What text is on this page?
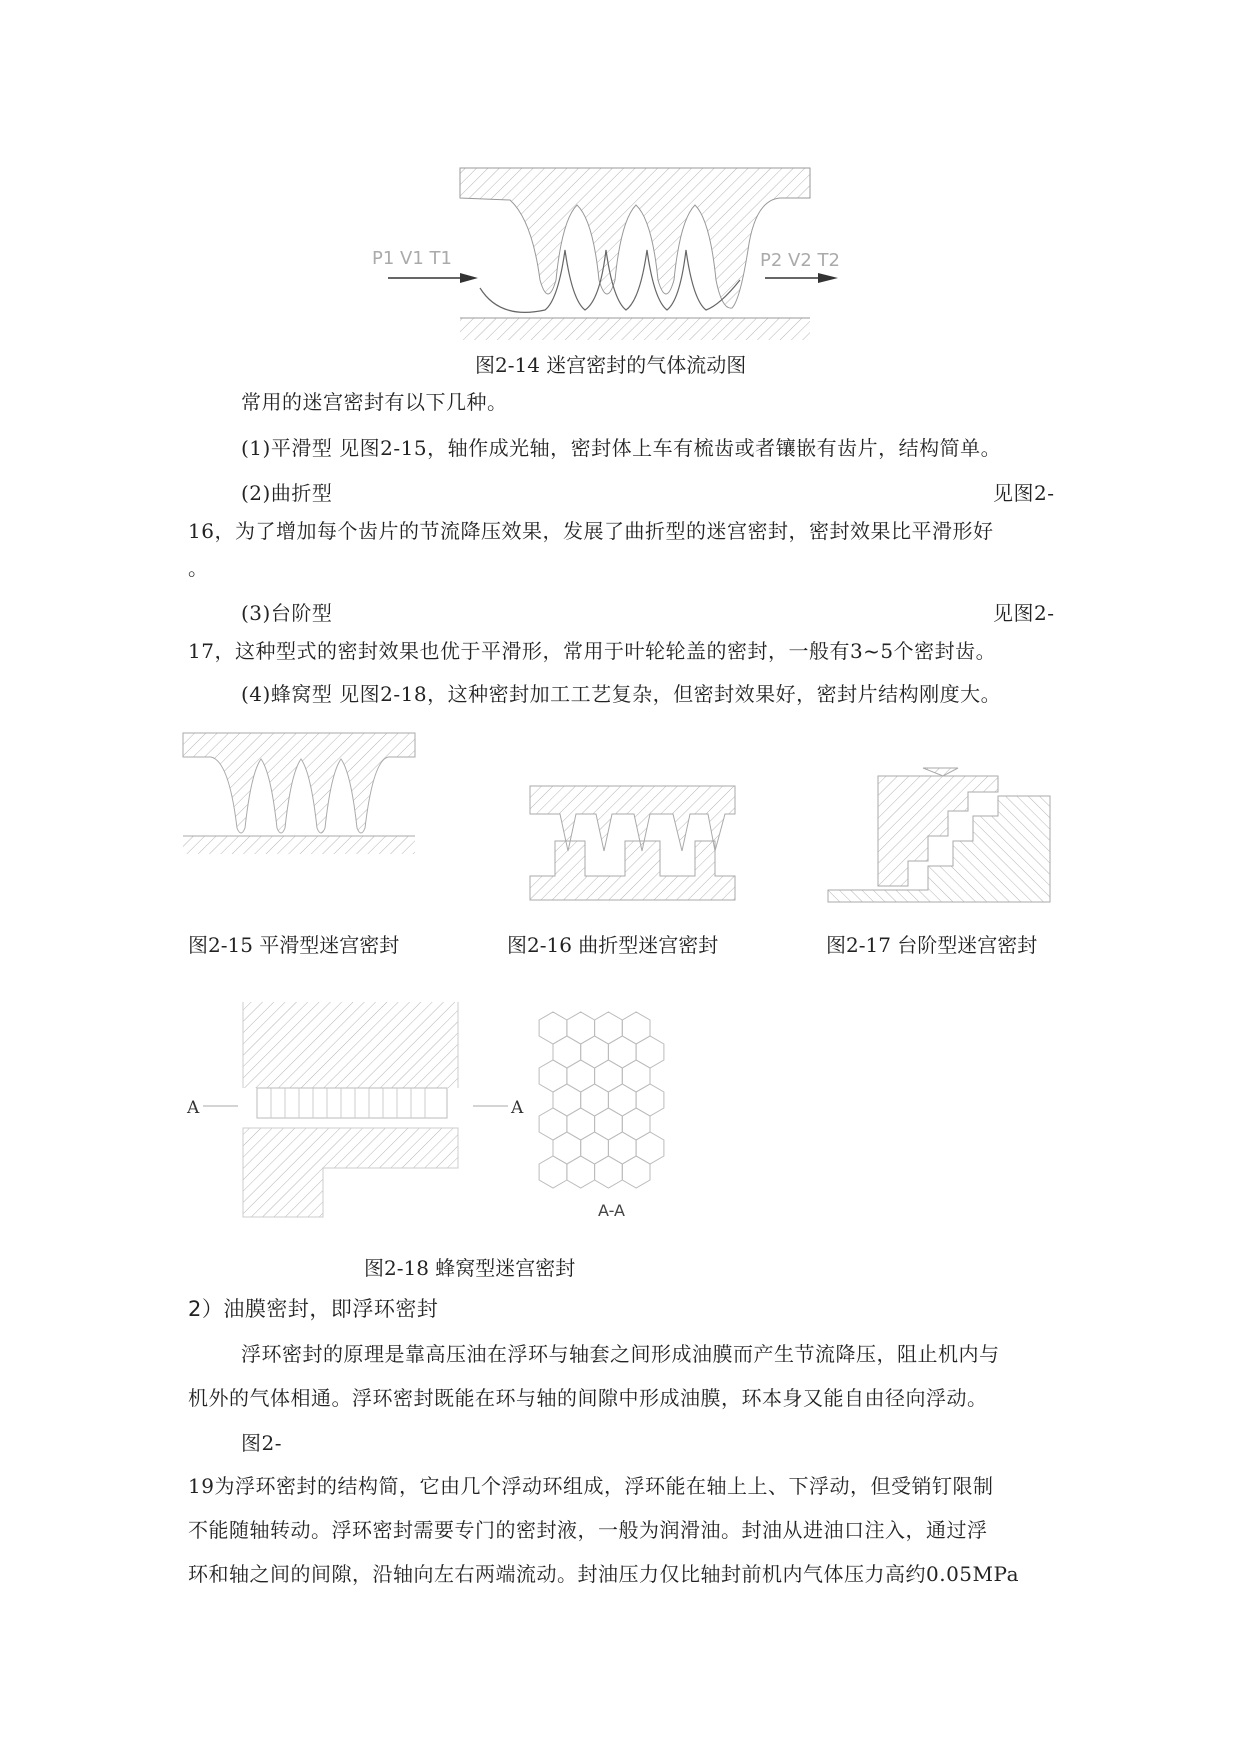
P1 V1 T1	P2 V2 T2
图2-14 迷宫密封的气体流动图
常用的迷宫密封有以下几种。
(1)平滑型 见图2-15，轴作成光轴，密封体上车有梳齿或者镶嵌有齿片，结构简单。
(2)曲折型	见图2-
16，为了增加每个齿片的节流降压效果，发展了曲折型的迷宫密封，密封效果比平滑形好
。
(3)台阶型	见图2-
17，这种型式的密封效果也优于平滑形，常用于叶轮轮盖的密封，一般有3~5个密封齿。
(4)蜂窝型 见图2-18，这种密封加工工艺复杂，但密封效果好，密封片结构刚度大。
图2-15 平滑型迷宫密封	图2-16 曲折型迷宫密封	图2-17 台阶型迷宫密封
A	A
A-A
图2-18 蜂窝型迷宫密封
2）油膜密封，即浮环密封
浮环密封的原理是靠高压油在浮环与轴套之间形成油膜而产生节流降压，阻止机内与
机外的气体相通。浮环密封既能在环与轴的间隙中形成油膜，环本身又能自由径向浮动。
图2-
19为浮环密封的结构简，它由几个浮动环组成，浮环能在轴上上、下浮动，但受销钉限制
不能随轴转动。浮环密封需要专门的密封液，一般为润滑油。封油从进油口注入，通过浮
环和轴之间的间隙，沿轴向左右两端流动。封油压力仅比轴封前机内气体压力高约0.05MPa
